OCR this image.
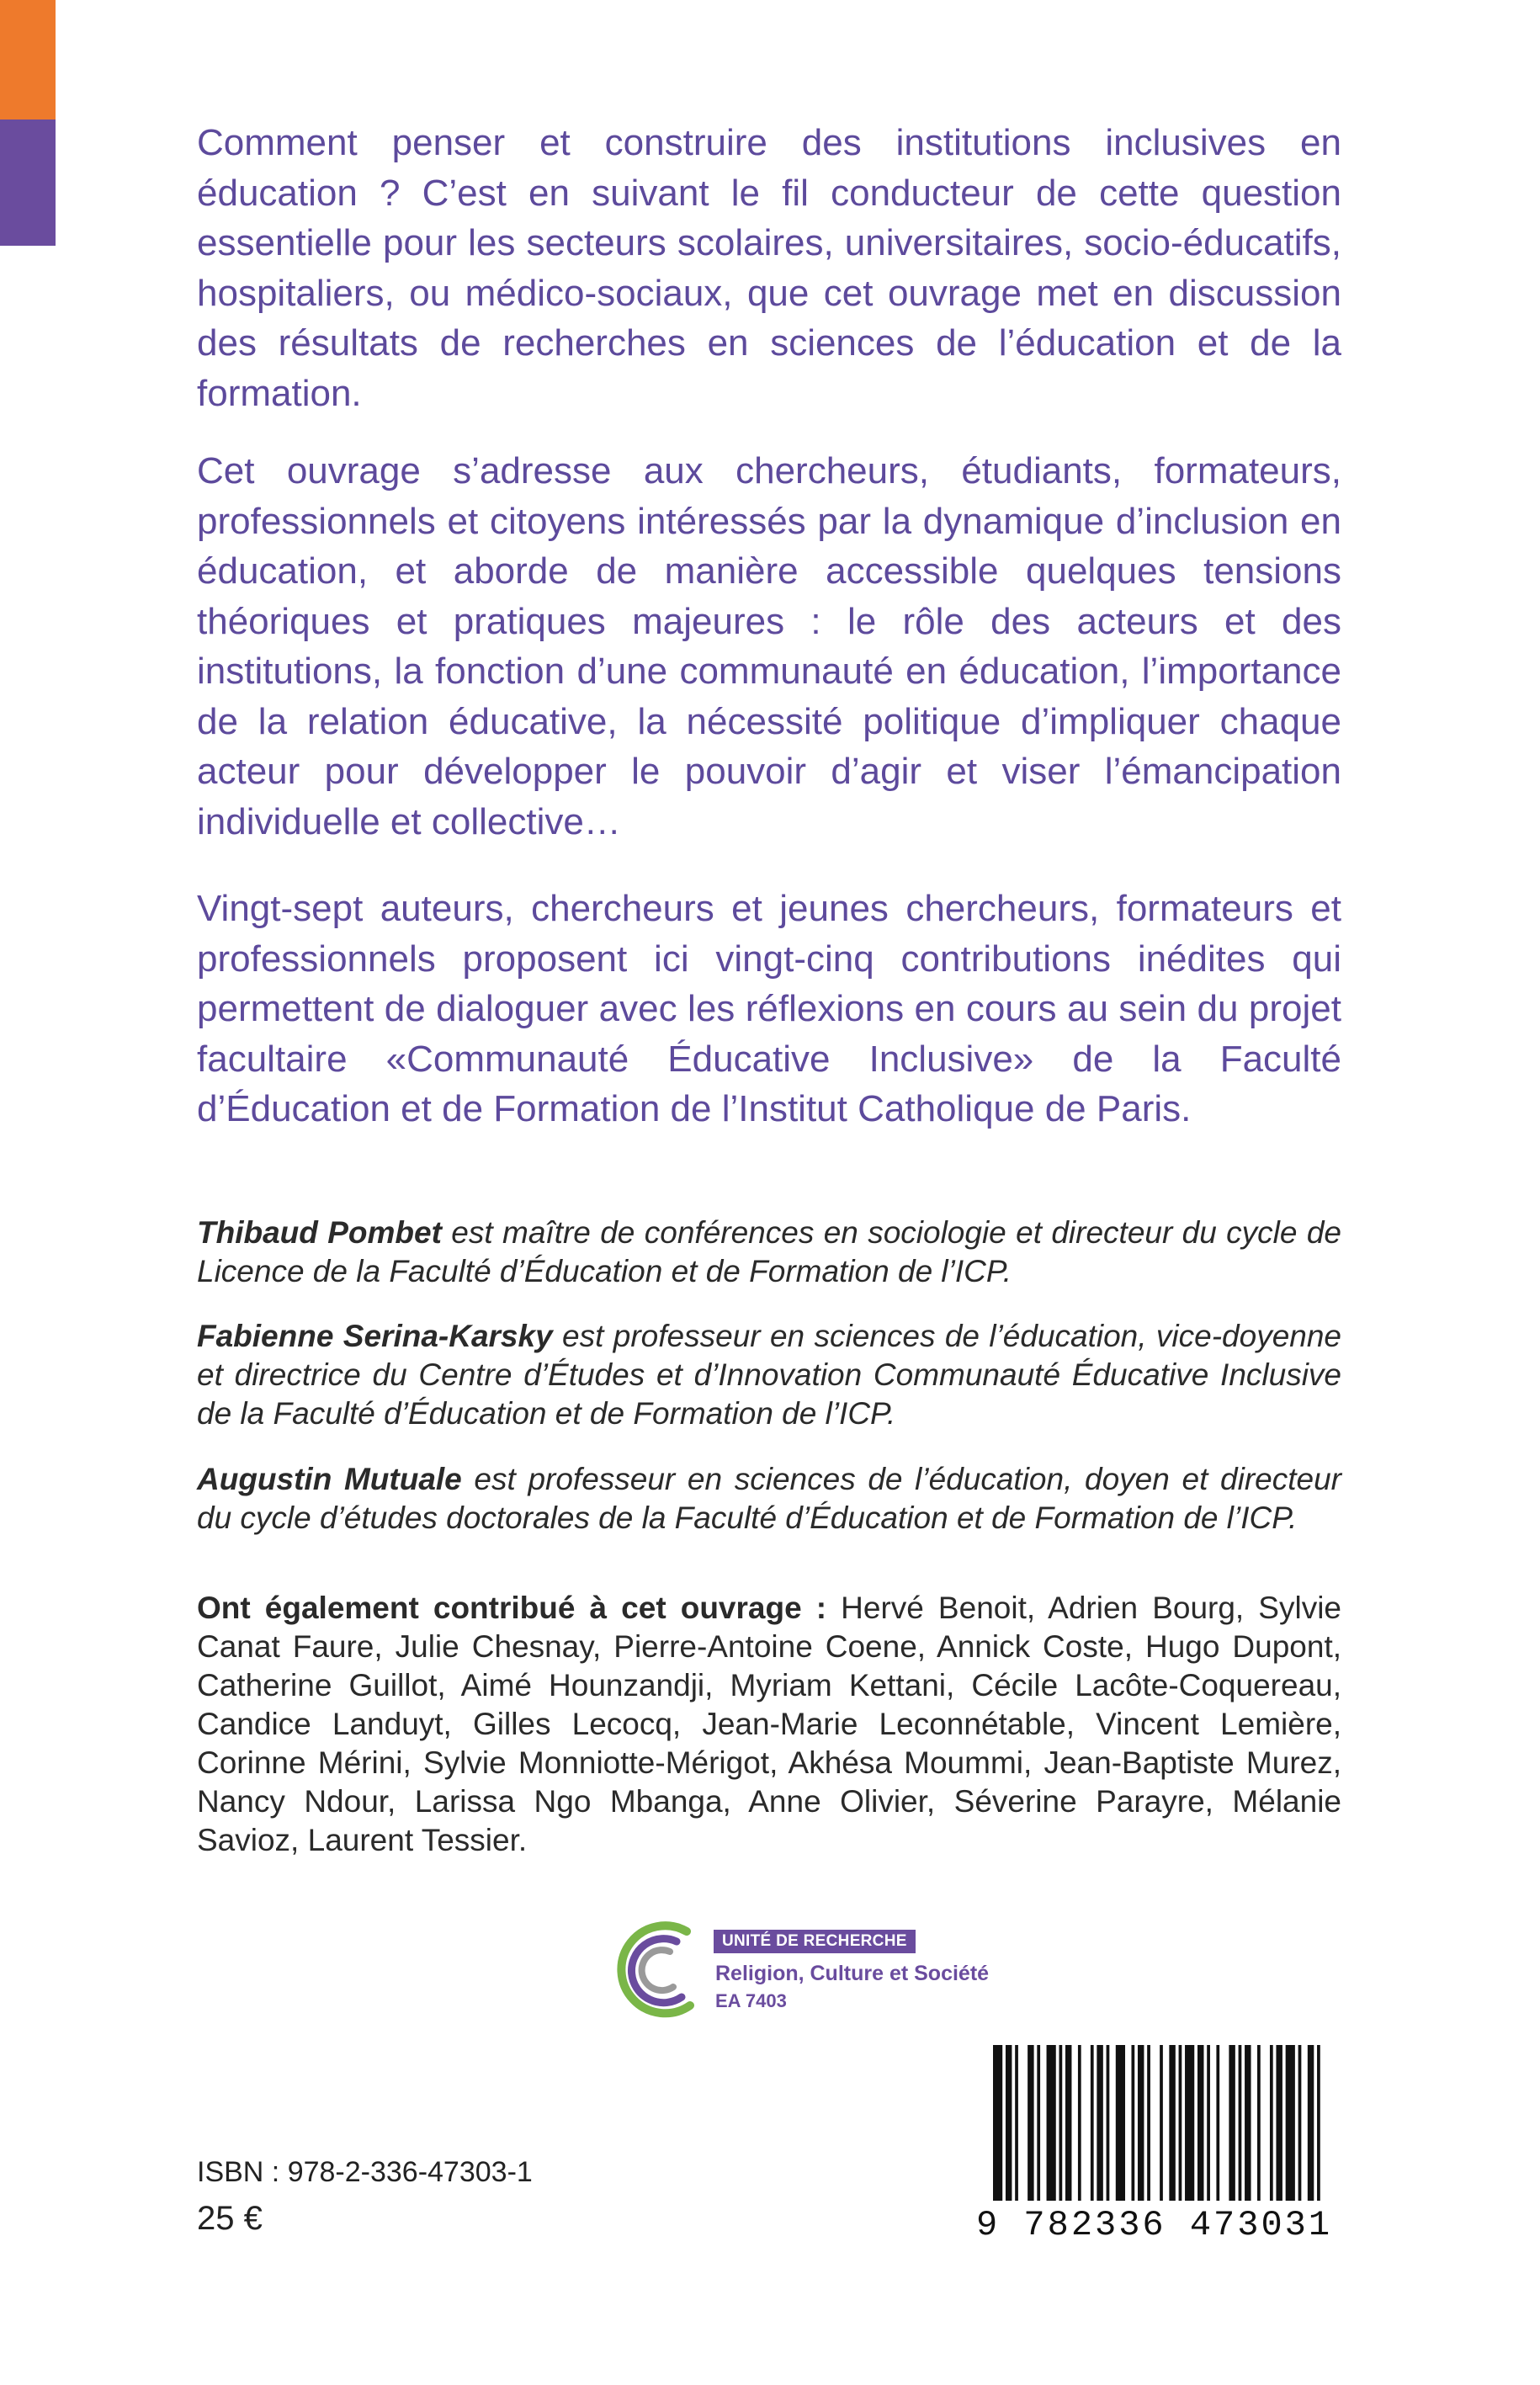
Comment penser et construire des institutions inclusives en éducation ? C’est en suivant le fil conducteur de cette question essentielle pour les secteurs scolaires, universitaires, socio-éducatifs, hospitaliers, ou médico-sociaux, que cet ouvrage met en discussion des résultats de recherches en sciences de l’éducation et de la formation.

Cet ouvrage s’adresse aux chercheurs, étudiants, formateurs, professionnels et citoyens intéressés par la dynamique d’inclusion en éducation, et aborde de manière accessible quelques tensions théoriques et pratiques majeures : le rôle des acteurs et des institutions, la fonction d’une communauté en éducation, l’importance de la relation éducative, la nécessité politique d’impliquer chaque acteur pour développer le pouvoir d’agir et viser l’émancipation individuelle et collective…

Vingt-sept auteurs, chercheurs et jeunes chercheurs, formateurs et professionnels proposent ici vingt-cinq contributions inédites qui permettent de dialoguer avec les réflexions en cours au sein du projet facultaire «Communauté Éducative Inclusive» de la Faculté d’Éducation et de Formation de l’Institut Catholique de Paris.

Thibaud Pombet est maître de conférences en sociologie et directeur du cycle de Licence de la Faculté d’Éducation et de Formation de l’ICP.

Fabienne Serina-Karsky est professeur en sciences de l’éducation, vice-doyenne et directrice du Centre d’Études et d’Innovation Communauté Éducative Inclusive de la Faculté d’Éducation et de Formation de l’ICP.

Augustin Mutuale est professeur en sciences de l’éducation, doyen et directeur du cycle d’études doctorales de la Faculté d’Éducation et de Formation de l’ICP.

Ont également contribué à cet ouvrage : Hervé Benoit, Adrien Bourg, Sylvie Canat Faure, Julie Chesnay, Pierre-Antoine Coene, Annick Coste, Hugo Dupont, Catherine Guillot, Aimé Hounzandji, Myriam Kettani, Cécile Lacôte-Coquereau, Candice Landuyt, Gilles Lecocq, Jean-Marie Leconnétable, Vincent Lemière, Corinne Mérini, Sylvie Monniotte-Mérigot, Akhésa Moummi, Jean-Baptiste Murez, Nancy Ndour, Larissa Ngo Mbanga, Anne Olivier, Séverine Parayre, Mélanie Savioz, Laurent Tessier.

UNITÉ DE RECHERCHE
Religion, Culture et Société
EA 7403
ISBN : 978-2-336-47303-1
25 €	9 782336 473031
